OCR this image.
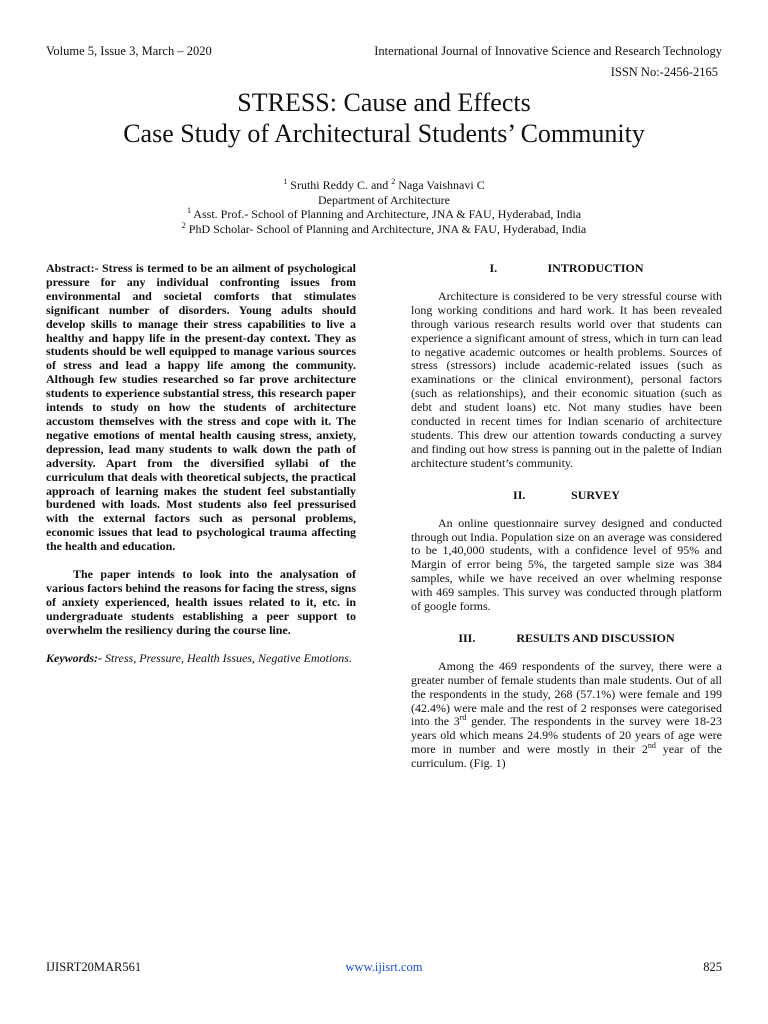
Volume 5, Issue 3, March – 2020	International Journal of Innovative Science and Research Technology
ISSN No:-2456-2165
STRESS: Cause and Effects
Case Study of Architectural Students’ Community
$^1$ Sruthi Reddy C. and $^2$ Naga Vaishnavi C
Department of Architecture
$^1$ Asst. Prof.- School of Planning and Architecture, JNA & FAU, Hyderabad, India
$^2$ PhD Scholar- School of Planning and Architecture, JNA & FAU, Hyderabad, India

Abstract:- Stress is termed to be an ailment of psychological pressure for any individual confronting issues from environmental and societal comforts that stimulates significant number of disorders. Young adults should develop skills to manage their stress capabilities to live a healthy and happy life in the present-day context. They as students should be well equipped to manage various sources of stress and lead a happy life among the community. Although few studies researched so far prove architecture students to experience substantial stress, this research paper intends to study on how the students of architecture accustom themselves with the stress and cope with it. The negative emotions of mental health causing stress, anxiety, depression, lead many students to walk down the path of adversity. Apart from the diversified syllabi of the curriculum that deals with theoretical subjects, the practical approach of learning makes the student feel substantially burdened with loads. Most students also feel pressurised with the external factors such as personal problems, economic issues that lead to psychological trauma affecting the health and education.

The paper intends to look into the analysation of various factors behind the reasons for facing the stress, signs of anxiety experienced, health issues related to it, etc. in undergraduate students establishing a peer support to overwhelm the resiliency during the course line.

Keywords:- Stress, Pressure, Health Issues, Negative Emotions.

I.	INTRODUCTION

Architecture is considered to be very stressful course with long working conditions and hard work. It has been revealed through various research results world over that students can experience a significant amount of stress, which in turn can lead to negative academic outcomes or health problems. Sources of stress (stressors) include academic-related issues (such as examinations or the clinical environment), personal factors (such as relationships), and their economic situation (such as debt and student loans) etc. Not many studies have been conducted in recent times for Indian scenario of architecture students. This drew our attention towards conducting a survey and finding out how stress is panning out in the palette of Indian architecture student’s community.

II.	SURVEY

An online questionnaire survey designed and conducted through out India. Population size on an average was considered to be 1,40,000 students, with a confidence level of 95% and Margin of error being 5%, the targeted sample size was 384 samples, while we have received an over whelming response with 469 samples. This survey was conducted through platform of google forms.

III.	RESULTS AND DISCUSSION

Among the 469 respondents of the survey, there were a greater number of female students than male students. Out of all the respondents in the study, 268 (57.1%) were female and 199 (42.4%) were male and the rest of 2 responses were categorised into the 3rd gender. The respondents in the survey were 18-23 years old which means 24.9% students of 20 years of age were more in number and were mostly in their 2nd year of the curriculum. (Fig. 1)

IJISRT20MAR561	www.ijisrt.com	825
